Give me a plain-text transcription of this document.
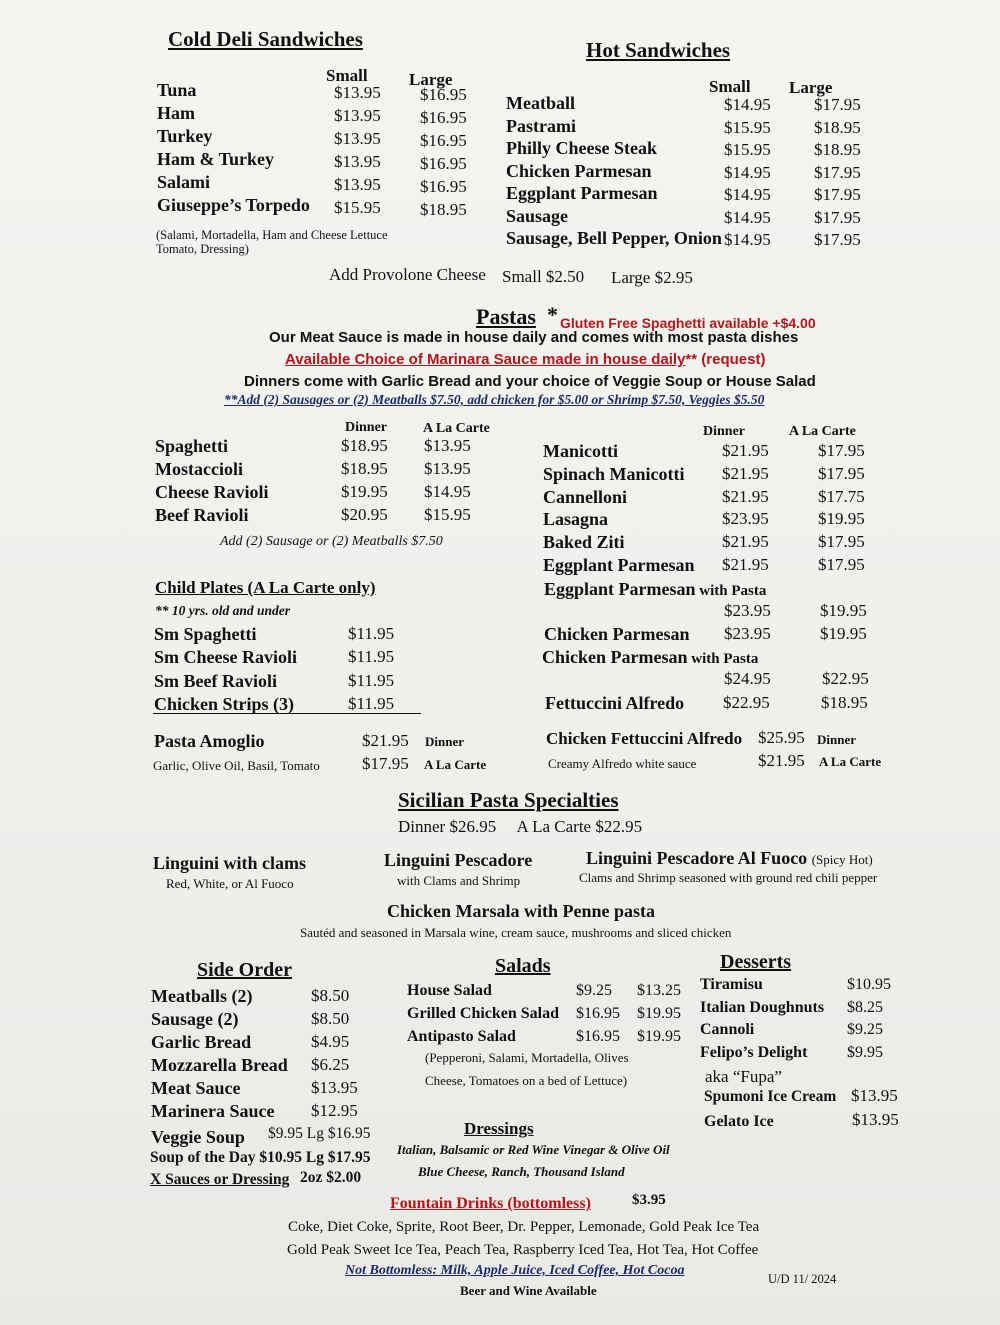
Cold Deli Sandwiches
Small Large
Tuna	$13.95 $16.95
Ham	$13.95 $16.95
Turkey	$13.95 $16.95
Ham & Turkey	$13.95 $16.95
Salami	$13.95 $16.95
Giuseppe’s Torpedo $15.95 $18.95
(Salami, Mortadella, Ham and Cheese Lettuce
Tomato, Dressing)
Hot Sandwiches
Small Large
Meatball	$14.95	$17.95
Pastrami	$15.95	$18.95
Philly Cheese Steak	$15.95	$18.95
Chicken Parmesan	$14.95	$17.95
Eggplant Parmesan	$14.95	$17.95
Sausage	$14.95	$17.95
Sausage, Bell Pepper, Onion $14.95	$17.95
Add Provolone Cheese Small $2.50 Large $2.95
Pastas * Gluten Free Spaghetti available +$4.00
Our Meat Sauce is made in house daily and comes with most pasta dishes
Available Choice of Marinara Sauce made in house daily** (request)
Dinners come with Garlic Bread and your choice of Veggie Soup or House Salad
**Add (2) Sausages or (2) Meatballs $7.50, add chicken for $5.00 or Shrimp $7.50, Veggies $5.50
Dinner	A La Carte	Dinner	A La Carte
Spaghetti	$18.95 $13.95
Mostaccioli	$18.95 $13.95
Cheese Ravioli	$19.95 $14.95
Beef Ravioli	$20.95 $15.95
Add (2) Sausage or (2) Meatballs $7.50
Manicotti	$21.95	$17.95
Spinach Manicotti $21.95	$17.95
Cannelloni	$21.95	$17.75
Lasagna	$23.95	$19.95
Baked Ziti	$21.95	$17.95
Eggplant Parmesan $21.95	$17.95
Eggplant Parmesan with Pasta
$23.95	$19.95
Chicken Parmesan $23.95	$19.95
Chicken Parmesan with Pasta
$24.95	$22.95
Fettuccini Alfredo $22.95	$18.95
Child Plates (A La Carte only)
** 10 yrs. old and under
Sm Spaghetti	$11.95
Sm Cheese Ravioli	$11.95
Sm Beef Ravioli	$11.95
Chicken Strips (3)	$11.95
Pasta Amoglio
Garlic, Olive Oil, Basil, Tomato
$21.95 Dinner
$17.95 A La Carte
Chicken Fettuccini Alfredo
Creamy Alfredo white sauce
$25.95 Dinner
$21.95 A La Carte
Sicilian Pasta Specialties
Dinner $26.95     A La Carte $22.95
Linguini with clams
Red, White, or Al Fuoco
Linguini Pescadore
with Clams and Shrimp
Linguini Pescadore Al Fuoco (Spicy Hot)
Clams and Shrimp seasoned with ground red chili pepper
Chicken Marsala with Penne pasta
Sautéd and seasoned in Marsala wine, cream sauce, mushrooms and sliced chicken
Side Order
Meatballs (2)	$8.50
Sausage (2)	$8.50
Garlic Bread	$4.95
Mozzarella Bread $6.25
Meat Sauce	$13.95
Marinera Sauce $12.95
Veggie Soup $9.95 Lg $16.95
Soup of the Day $10.95 Lg $17.95
X Sauces or Dressing 2oz $2.00
Salads
House Salad	$9.25 $13.25
Grilled Chicken Salad $16.95 $19.95
Antipasto Salad	$16.95 $19.95
(Pepperoni, Salami, Mortadella, Olives
Cheese, Tomatoes on a bed of Lettuce)
Dressings
Italian, Balsamic or Red Wine Vinegar & Olive Oil
Blue Cheese, Ranch, Thousand Island
Desserts
Tiramisu	$10.95
Italian Doughnuts $8.25
Cannoli	$9.25
Felipo’s Delight $9.95
aka “Fupa”
Spumoni Ice Cream $13.95
Gelato Ice	$13.95
Fountain Drinks (bottomless)	$3.95
Coke, Diet Coke, Sprite, Root Beer, Dr. Pepper, Lemonade, Gold Peak Ice Tea
Gold Peak Sweet Ice Tea, Peach Tea, Raspberry Iced Tea, Hot Tea, Hot Coffee
Not Bottomless: Milk, Apple Juice, Iced Coffee, Hot Cocoa
Beer and Wine Available
U/D 11/ 2024
